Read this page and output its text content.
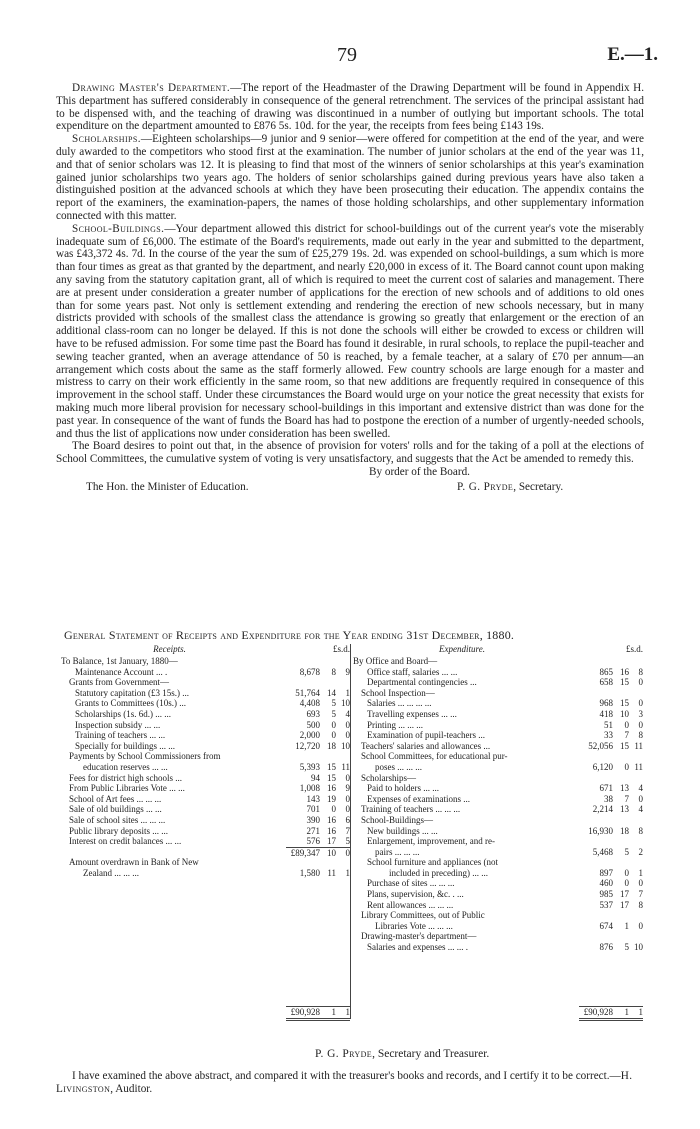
79	E.—1.

Drawing Master's Department.—The report of the Headmaster of the Drawing Department will be found in Appendix H. This department has suffered considerably in consequence of the general retrenchment. The services of the principal assistant had to be dispensed with, and the teaching of drawing was discontinued in a number of outlying but important schools. The total expenditure on the department amounted to £876 5s. 10d. for the year, the receipts from fees being £143 19s.

Scholarships.—Eighteen scholarships—9 junior and 9 senior—were offered for competition at the end of the year, and were duly awarded to the competitors who stood first at the examination. The number of junior scholars at the end of the year was 11, and that of senior scholars was 12. It is pleasing to find that most of the winners of senior scholarships at this year's examination gained junior scholarships two years ago. The holders of senior scholarships gained during previous years have also taken a distinguished position at the advanced schools at which they have been prosecuting their education. The appendix contains the report of the examiners, the examination-papers, the names of those holding scholarships, and other supplementary information connected with this matter.

School-Buildings.—Your department allowed this district for school-buildings out of the current year's vote the miserably inadequate sum of £6,000. The estimate of the Board's requirements, made out early in the year and submitted to the department, was £43,372 4s. 7d. In the course of the year the sum of £25,279 19s. 2d. was expended on school-buildings, a sum which is more than four times as great as that granted by the department, and nearly £20,000 in excess of it. The Board cannot count upon making any saving from the statutory capitation grant, all of which is required to meet the current cost of salaries and management. There are at present under consideration a greater number of applications for the erection of new schools and of additions to old ones than for some years past. Not only is settlement extending and rendering the erection of new schools necessary, but in many districts provided with schools of the smallest class the attendance is growing so greatly that enlargement or the erection of an additional class-room can no longer be delayed. If this is not done the schools will either be crowded to excess or children will have to be refused admission. For some time past the Board has found it desirable, in rural schools, to replace the pupil-teacher and sewing teacher granted, when an average attendance of 50 is reached, by a female teacher, at a salary of £70 per annum—an arrangement which costs about the same as the staff formerly allowed. Few country schools are large enough for a master and mistress to carry on their work efficiently in the same room, so that new additions are frequently required in consequence of this improvement in the school staff. Under these circumstances the Board would urge on your notice the great necessity that exists for making much more liberal provision for necessary school-buildings in this important and extensive district than was done for the past year. In consequence of the want of funds the Board has had to postpone the erection of a number of urgently-needed schools, and thus the list of applications now under consideration has been swelled.

The Board desires to point out that, in the absence of provision for voters' rolls and for the taking of a poll at the elections of School Committees, the cumulative system of voting is very unsatisfactory, and suggests that the Act be amended to remedy this.

By order of the Board.

The Hon. the Minister of Education.	P. G. Pryde, Secretary.
General Statement of Receipts and Expenditure for the Year ending 31st December, 1880.
Receipts.	£s.d.
To Balance, 1st January, 1880—
Maintenance Account ... .	8,678 8 9
Grants from Government—
Statutory capitation (£3 15s.) ...	51,764 14 1
Grants to Committees (10s.) ...	4,408 5 10
Scholarships (1s. 6d.) ... ...	693 5 4
Inspection subsidy ... ...	500 0 0
Training of teachers ... ...	2,000 0 0
Specially for buildings ... ...	12,720 18 10
Payments by School Commissioners from
education reserves ... ...	5,393 15 11
Fees for district high schools ...	94 15 0
From Public Libraries Vote ... ...	1,008 16 9
School of Art fees ... ... ...	143 19 0
Sale of old buildings ... ...	701 0 0
Sale of school sites ... ... ...	390 16 6
Public library deposits ... ...	271 16 7
Interest on credit balances ... ...	576 17 5
£89,347 10 0
Amount overdrawn in Bank of New
Zealand ... ... ...	1,580 11 1
£90,928 1 1
Expenditure.	£s.d.
By Office and Board—
Office staff, salaries ... ...	865 16 8
Departmental contingencies ...	658 15 0
School Inspection—
Salaries ... ... ... ...	968 15 0
Travelling expenses ... ...	418 10 3
Printing ... ... ...	51 0 0
Examination of pupil-teachers ...	33 7 8
Teachers' salaries and allowances ...	52,056 15 11
School Committees, for educational pur-
poses ... ... ...	6,120 0 11
Scholarships—
Paid to holders ... ...	671 13 4
Expenses of examinations ...	38 7 0
Training of teachers ... ... ...	2,214 13 4
School-Buildings—
New buildings ... ...	16,930 18 8
Enlargement, improvement, and re-
pairs ... ... ...	5,468 5 2
School furniture and appliances (not
included in preceding) ... ...	897 0 1
Purchase of sites ... ... ...	460 0 0
Plans, supervision, &c. . ...	985 17 7
Rent allowances ... ... ...	537 17 8
Library Committees, out of Public
Libraries Vote ... ... ...	674 1 0
Drawing-master's department—
Salaries and expenses ... ... .	876 5 10
£90,928 1 1
P. G. Pryde, Secretary and Treasurer.
I have examined the above abstract, and compared it with the treasurer's books and records, and I certify it to be correct.—H. Livingston, Auditor.
